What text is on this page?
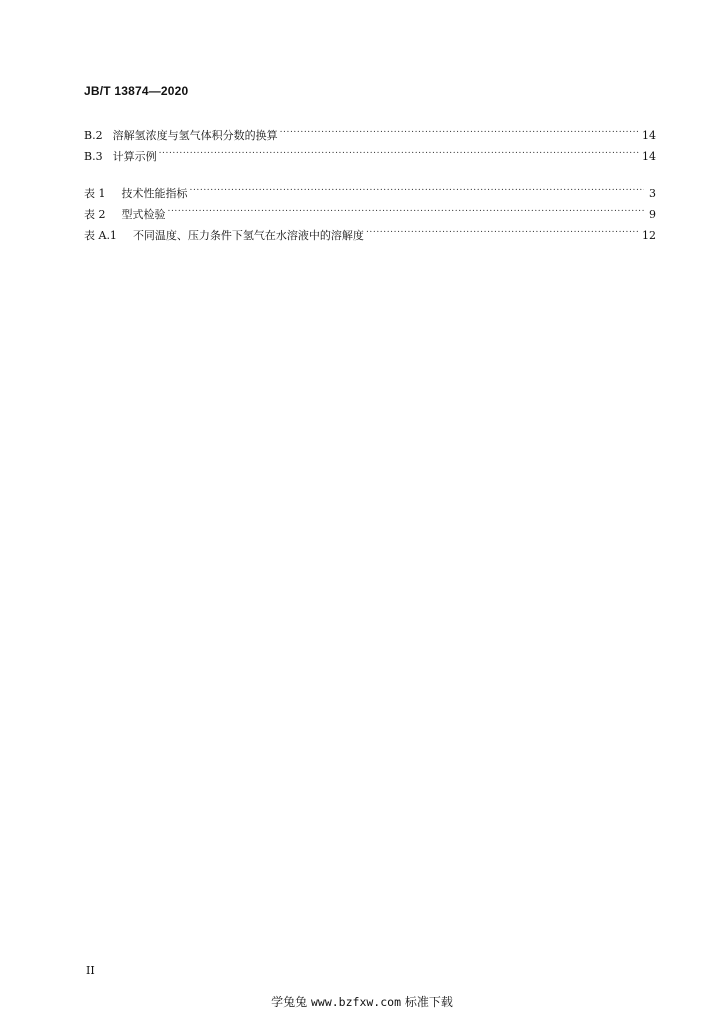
JB/T 13874—2020
B.2 溶解氢浓度与氢气体积分数的换算 .....	14
B.3 计算示例 .....	14
表 1 技术性能指标 .....	3
表 2 型式检验 .....	9
表 A.1 不同温度、压力条件下氢气在水溶液中的溶解度 .....	12
II
学兔兔 www.bzfxw.com 标准下载
